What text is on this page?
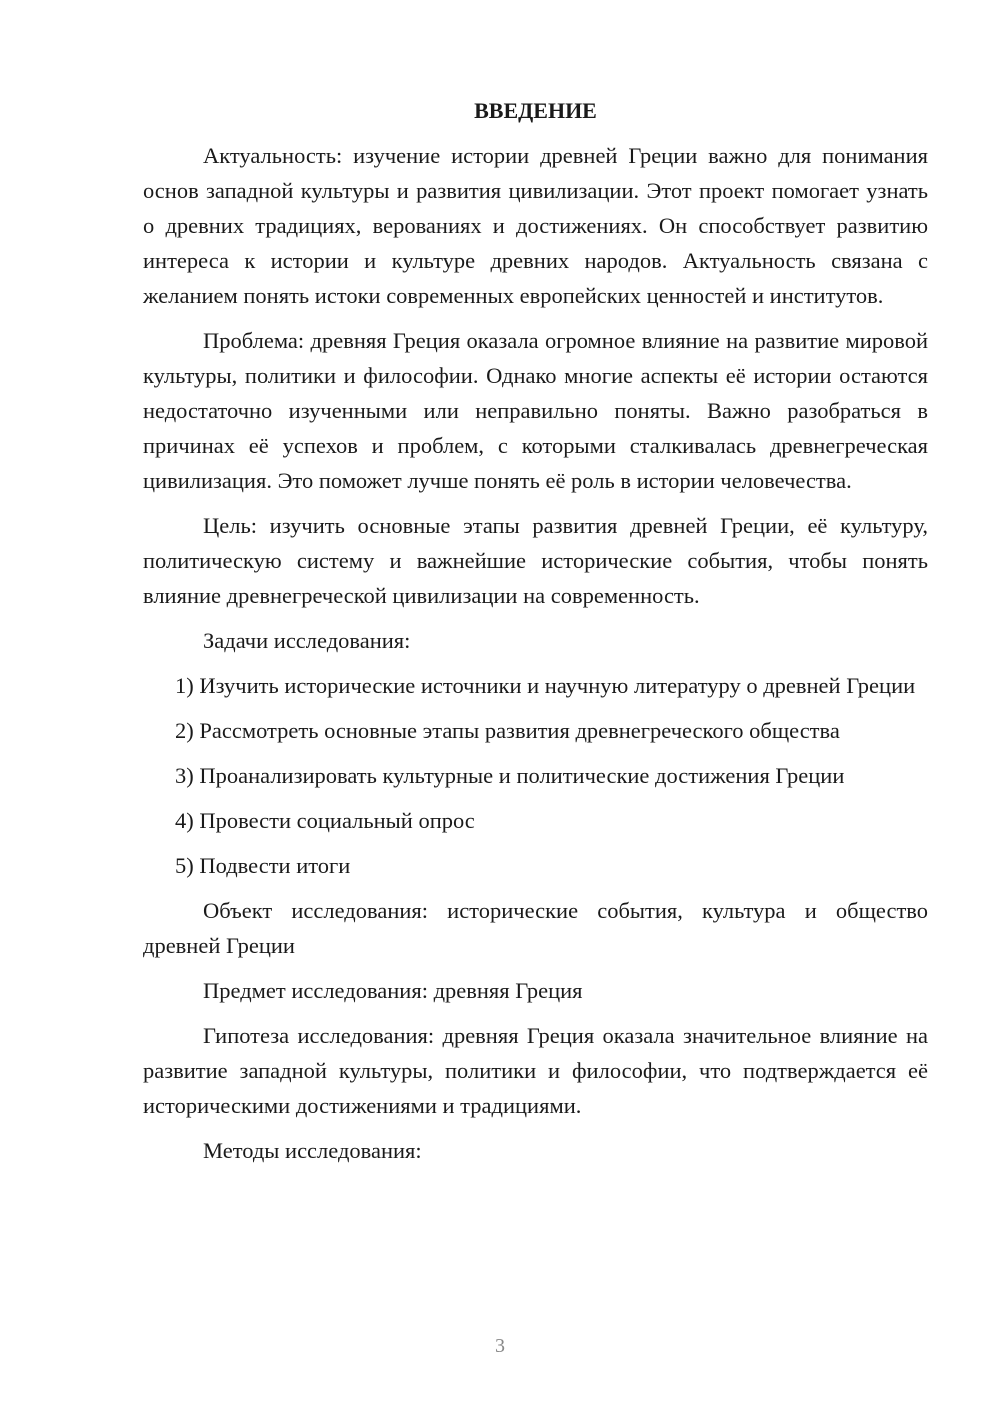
ВВЕДЕНИЕ

Актуальность: изучение истории древней Греции важно для понимания основ западной культуры и развития цивилизации. Этот проект помогает узнать о древних традициях, верованиях и достижениях. Он способствует развитию интереса к истории и культуре древних народов. Актуальность связана с желанием понять истоки современных европейских ценностей и институтов.

Проблема: древняя Греция оказала огромное влияние на развитие мировой культуры, политики и философии. Однако многие аспекты её истории остаются недостаточно изученными или неправильно поняты. Важно разобраться в причинах её успехов и проблем, с которыми сталкивалась древнегреческая цивилизация. Это поможет лучше понять её роль в истории человечества.

Цель: изучить основные этапы развития древней Греции, её культуру, политическую систему и важнейшие исторические события, чтобы понять влияние древнегреческой цивилизации на современность.

Задачи исследования:

1) Изучить исторические источники и научную литературу о древней Греции

2) Рассмотреть основные этапы развития древнегреческого общества

3) Проанализировать культурные и политические достижения Греции

4) Провести социальный опрос

5) Подвести итоги

Объект исследования: исторические события, культура и общество древней Греции

Предмет исследования: древняя Греция

Гипотеза исследования: древняя Греция оказала значительное влияние на развитие западной культуры, политики и философии, что подтверждается её историческими достижениями и традициями.

Методы исследования:

3
